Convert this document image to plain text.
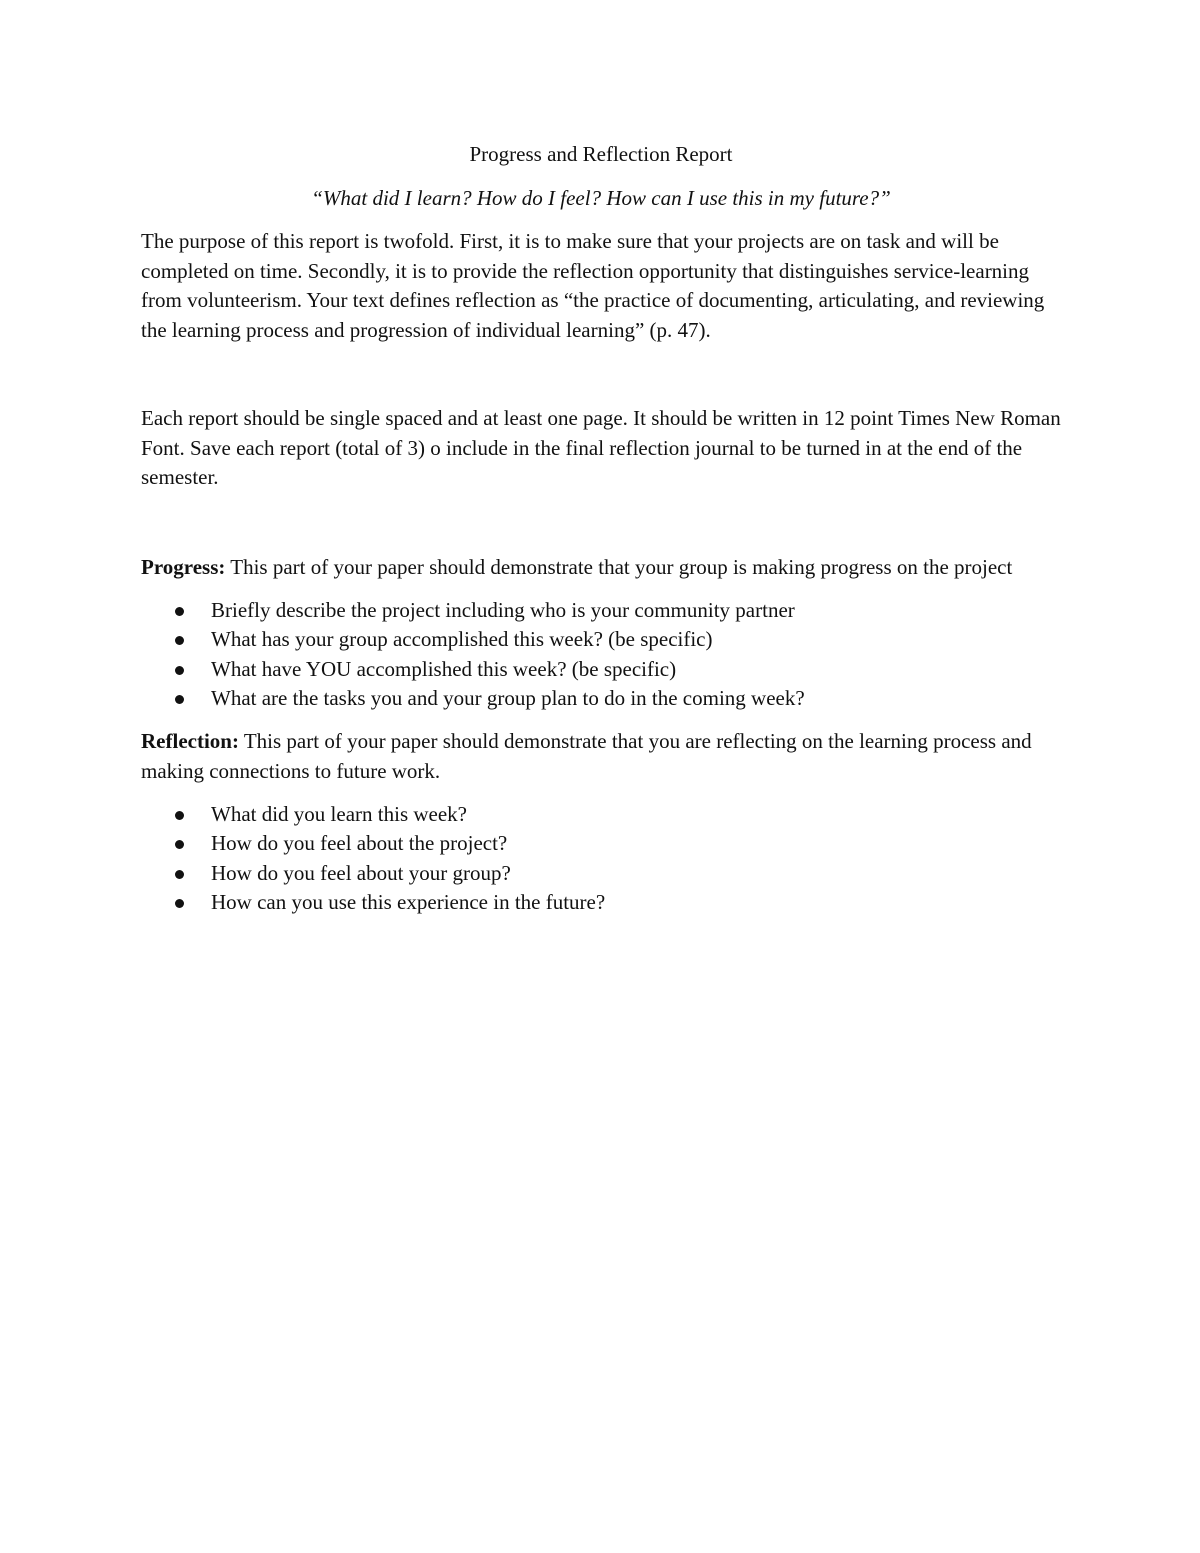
Progress and Reflection Report

“What did I learn? How do I feel? How can I use this in my future?”

The purpose of this report is twofold. First, it is to make sure that your projects are on task and will be completed on time. Secondly, it is to provide the reflection opportunity that distinguishes service-learning from volunteerism. Your text defines reflection as “the practice of documenting, articulating, and reviewing the learning process and progression of individual learning” (p. 47).

Each report should be single spaced and at least one page. It should be written in 12 point Times New Roman Font. Save each report (total of 3) o include in the final reflection journal to be turned in at the end of the semester.

Progress: This part of your paper should demonstrate that your group is making progress on the project

Briefly describe the project including who is your community partner
What has your group accomplished this week? (be specific)
What have YOU accomplished this week? (be specific)
What are the tasks you and your group plan to do in the coming week?

Reflection: This part of your paper should demonstrate that you are reflecting on the learning process and making connections to future work.

What did you learn this week?
How do you feel about the project?
How do you feel about your group?
How can you use this experience in the future?
